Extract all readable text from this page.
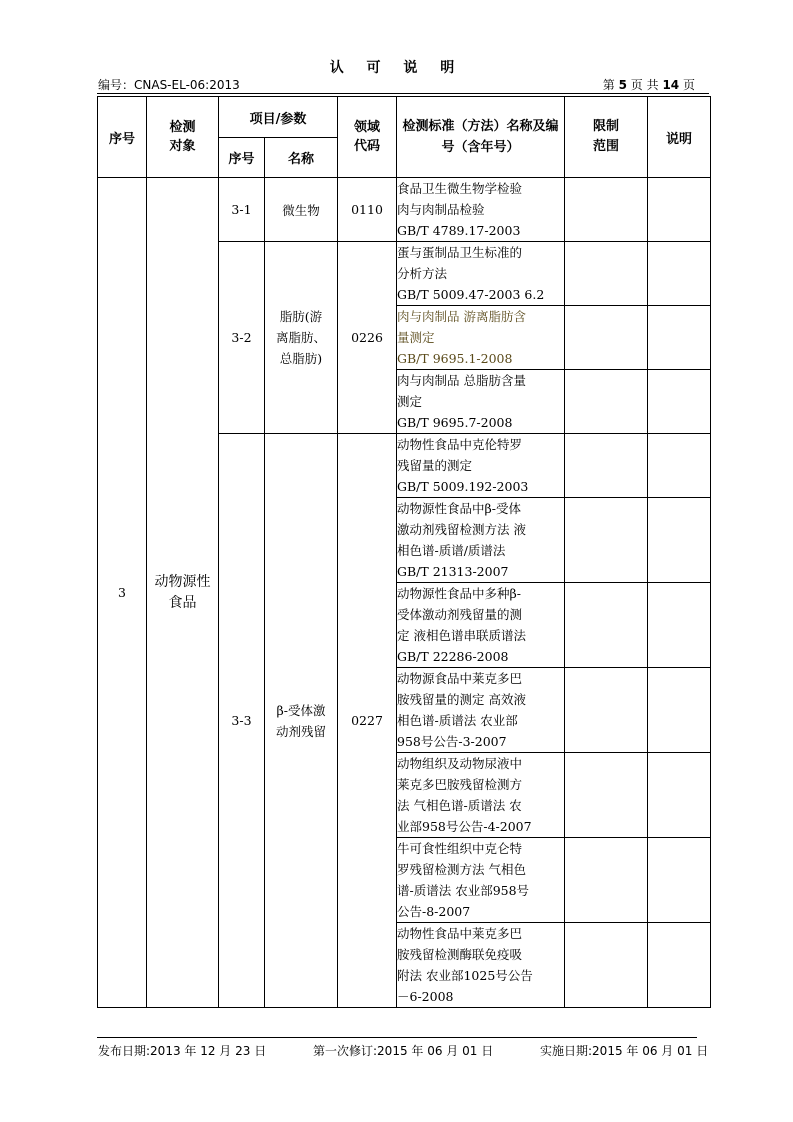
认 可 说 明
编号：CNAS-EL-06:2013	第 5 页 共 14 页
序号	检测对象	项目/参数		领域代码	检测标准（方法）名称及编号（含年号）	限制范围	说明
		序号	名称				
3	动物源性食品	3-1	微生物	0110	食品卫生微生物学检验
肉与肉制品检验
GB/T 4789.17-2003		

		3-2	脂肪(游离脂肪、总脂肪)	0226	蛋与蛋制品卫生标准的
分析方法
GB/T 5009.47-2003 6.2		

					肉与肉制品 游离脂肪含
量测定
GB/T 9695.1-2008		

					肉与肉制品 总脂肪含量
测定
GB/T 9695.7-2008		

		3-3	β-受体激动剂残留	0227	动物性食品中克伦特罗
残留量的测定
GB/T 5009.192-2003		

					动物源性食品中β-受体
激动剂残留检测方法 液
相色谱-质谱/质谱法
GB/T 21313-2007		

					动物源性食品中多种β-
受体激动剂残留量的测
定 液相色谱串联质谱法
GB/T 22286-2008		

					动物源食品中莱克多巴
胺残留量的测定 高效液
相色谱-质谱法 农业部
958号公告-3-2007		

					动物组织及动物尿液中
莱克多巴胺残留检测方
法 气相色谱-质谱法 农
业部958号公告-4-2007		

					牛可食性组织中克仑特
罗残留检测方法 气相色
谱-质谱法 农业部958号
公告-8-2007		

					动物性食品中莱克多巴
胺残留检测酶联免疫吸
附法 农业部1025号公告
－6-2008		

发布日期:2013 年 12 月 23 日	第一次修订:2015 年 06 月 01 日	实施日期:2015 年 06 月 01 日
